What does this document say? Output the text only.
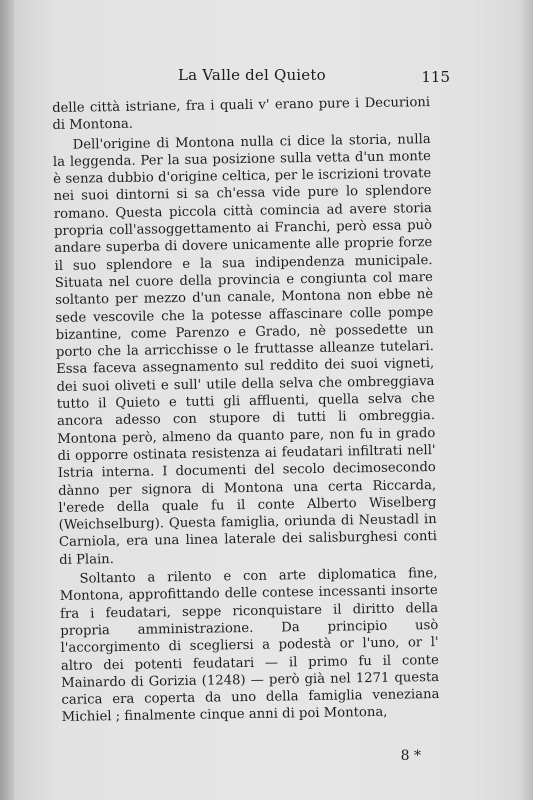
La Valle del Quieto	115

delle città istriane, fra i quali v' erano pure i Decurioni di Montona.

Dell'origine di Montona nulla ci dice la storia, nulla la leggenda. Per la sua posizione sulla vetta d'un monte è senza dubbio d'origine celtica, per le iscrizioni trovate nei suoi dintorni si sa ch'essa vide pure lo splendore romano. Questa piccola città comincia ad avere storia propria coll'assoggettamento ai Franchi, però essa può andare superba di dovere unicamente alle proprie forze il suo splendore e la sua indipendenza municipale. Situata nel cuore della provincia e congiunta col mare soltanto per mezzo d'un canale, Montona non ebbe nè sede vescovile che la potesse affascinare colle pompe bizantine, come Parenzo e Grado, nè possedette un porto che la arricchisse o le fruttasse alleanze tutelari. Essa faceva assegnamento sul reddito dei suoi vigneti, dei suoi oliveti e sull' utile della selva che ombreggiava tutto il Quieto e tutti gli affluenti, quella selva che ancora adesso con stupore di tutti li ombreggia. Montona però, almeno da quanto pare, non fu in grado di opporre ostinata resistenza ai feudatari infiltrati nell' Istria interna. I documenti del secolo decimosecondo dànno per signora di Montona una certa Riccarda, l'erede della quale fu il conte Alberto Wiselberg (Weichselburg). Questa famiglia, oriunda di Neustadl in Carniola, era una linea laterale dei salisburghesi conti di Plain.

Soltanto a rilento e con arte diplomatica fine, Montona, approfittando delle contese incessanti insorte fra i feudatari, seppe riconquistare il diritto della propria amministrazione. Da principio usò l'accorgimento di scegliersi a podestà or l'uno, or l' altro dei potenti feudatari — il primo fu il conte Mainardo di Gorizia (1248) — però già nel 1271 questa carica era coperta da uno della famiglia veneziana Michiel ; finalmente cinque anni di poi Montona,

8 *
